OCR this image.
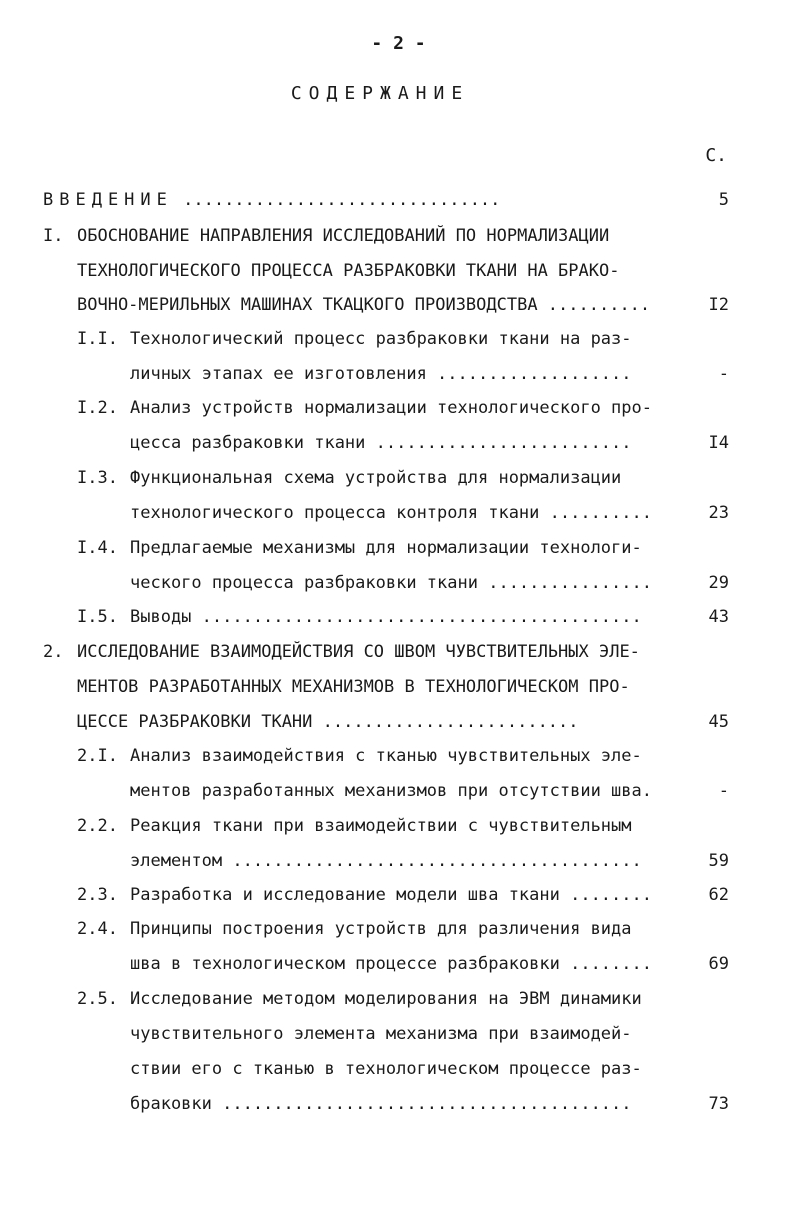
- 2 -
СОДЕРЖАНИЕ
С.
ВВЕДЕНИЕ ...............................	5
I. ОБОСНОВАНИЕ НАПРАВЛЕНИЯ ИССЛЕДОВАНИЙ ПО НОРМАЛИЗАЦИИ
ТЕХНОЛОГИЧЕСКОГО ПРОЦЕССА РАЗБРАКОВКИ ТКАНИ НА БРАКО-
ВОЧНО-МЕРИЛЬНЫХ МАШИНАХ ТКАЦКОГО ПРОИЗВОДСТВА ..........	I2
I.I. Технологический процесс разбраковки ткани на раз-
личных этапах ее изготовления ...................	-
I.2. Анализ устройств нормализации технологического про-
цесса разбраковки ткани .........................	I4
I.3. Функциональная схема устройства для нормализации
технологического процесса контроля ткани ..........	23
I.4. Предлагаемые механизмы для нормализации технологи-
ческого процесса разбраковки ткани ................	29
I.5. Выводы ...........................................	43
2. ИССЛЕДОВАНИЕ ВЗАИМОДЕЙСТВИЯ СО ШВОМ ЧУВСТВИТЕЛЬНЫХ ЭЛЕ-
МЕНТОВ РАЗРАБОТАННЫХ МЕХАНИЗМОВ В ТЕХНОЛОГИЧЕСКОМ ПРО-
ЦЕССЕ РАЗБРАКОВКИ ТКАНИ .........................	45
2.I. Анализ взаимодействия с тканью чувствительных эле-
ментов разработанных механизмов при отсутствии шва.	-
2.2. Реакция ткани при взаимодействии с чувствительным
элементом ........................................	59
2.3. Разработка и исследование модели шва ткани ........	62
2.4. Принципы построения устройств для различения вида
шва в технологическом процессе разбраковки ........	69
2.5. Исследование методом моделирования на ЭВМ динамики
чувствительного элемента механизма при взаимодей-
ствии его с тканью в технологическом процессе раз-
браковки ........................................	73
